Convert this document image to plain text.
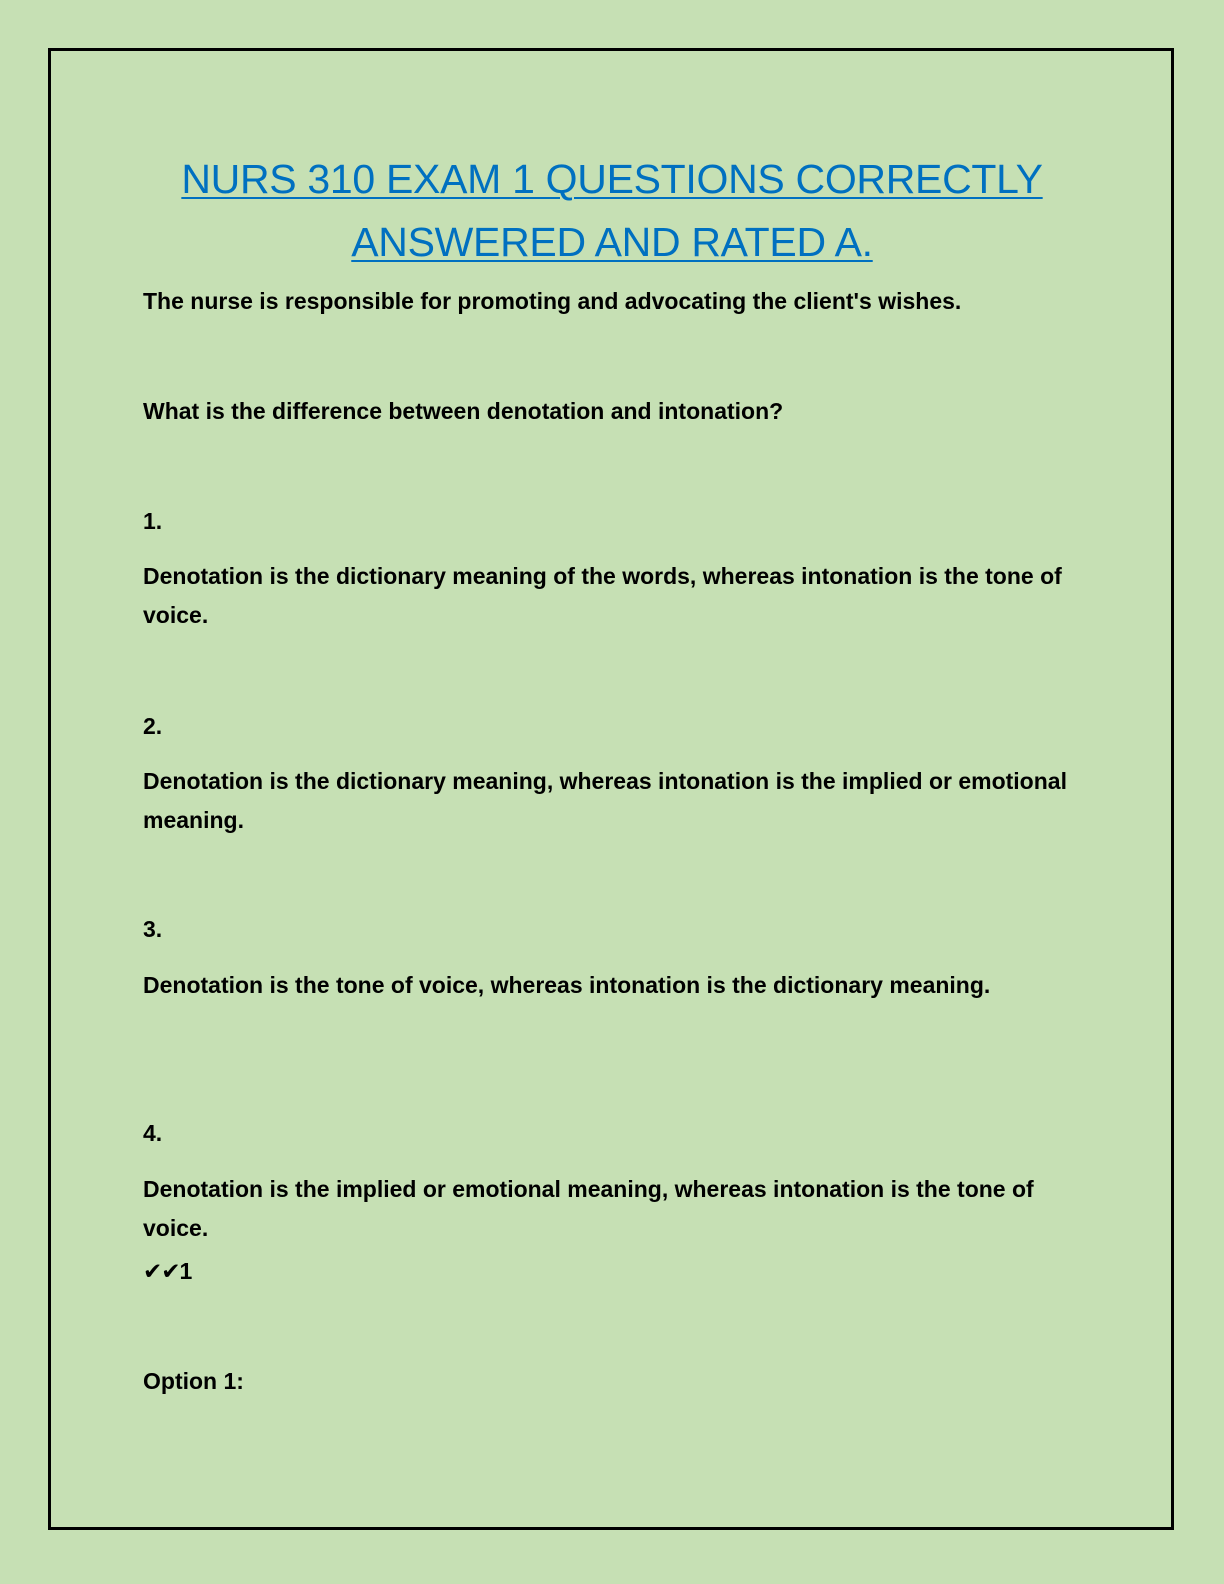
NURS 310 EXAM 1 QUESTIONS CORRECTLY
ANSWERED AND RATED A.

The nurse is responsible for promoting and advocating the client's wishes.

What is the difference between denotation and intonation?

1.

Denotation is the dictionary meaning of the words, whereas intonation is the tone of voice.

2.

Denotation is the dictionary meaning, whereas intonation is the implied or emotional meaning.

3.

Denotation is the tone of voice, whereas intonation is the dictionary meaning.

4.

Denotation is the implied or emotional meaning, whereas intonation is the tone of voice.

✔✔1

Option 1:
